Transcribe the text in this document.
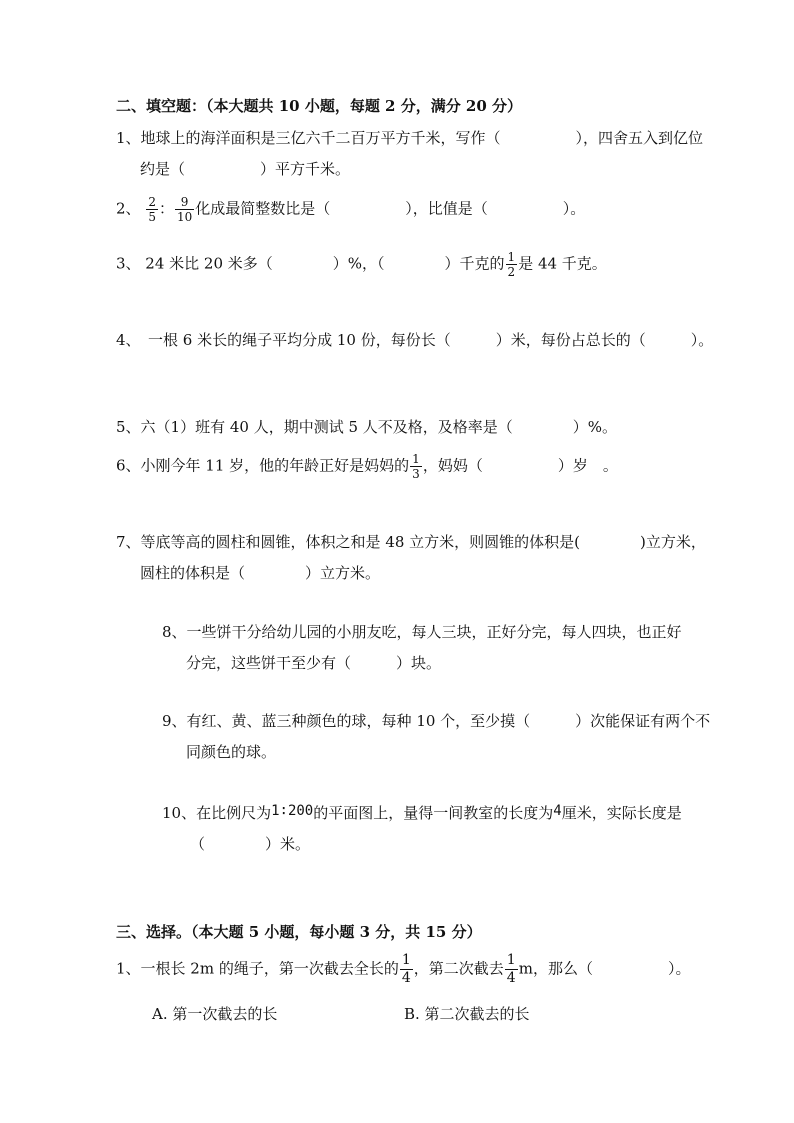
二、填空题：（本大题共 10 小题，每题 2 分，满分 20 分）
1、地球上的海洋面积是三亿六千二百万平方千米，写作（　　　　　），四舍五入到亿位
约是（　　　　　）平方千米。
2、 $\frac{2}{5}$ ： $\frac{9}{10}$ 化成最简整数比是（　　　　　），比值是（　　　　　）。
3、 24 米比 20 米多（　　　　）%，（　　　　）千克的 $\frac{1}{2}$ 是 44 千克。
4、　一根 6 米长的绳子平均分成 10 份，每份长（　　　）米，每份占总长的（　　　）。
5、六（1）班有 40 人，期中测试 5 人不及格，及格率是（　　　　）%。
6、小刚今年 11 岁，他的年龄正好是妈妈的 $\frac{1}{3}$ ，妈妈（　　　　　）岁　。
7、等底等高的圆柱和圆锥，体积之和是 48 立方米，则圆锥的体积是(　　　　)立方米，
圆柱的体积是（　　　　）立方米。
8、一些饼干分给幼儿园的小朋友吃，每人三块，正好分完，每人四块，也正好
分完，这些饼干至少有（　　　）块。
9、有红、黄、蓝三种颜色的球，每种 10 个，至少摸（　　　）次能保证有两个不
同颜色的球。
10、在比例尺为1∶200的平面图上，量得一间教室的长度为4厘米，实际长度是
（　　　　）米。
三、选择。（本大题 5 小题，每小题 3 分，共 15 分）
1、一根长 2m 的绳子，第一次截去全长的 $\frac{1}{4}$ ，第二次截去 $\frac{1}{4}$ m，那么（　　　　　）。
A. 第一次截去的长	B. 第二次截去的长
